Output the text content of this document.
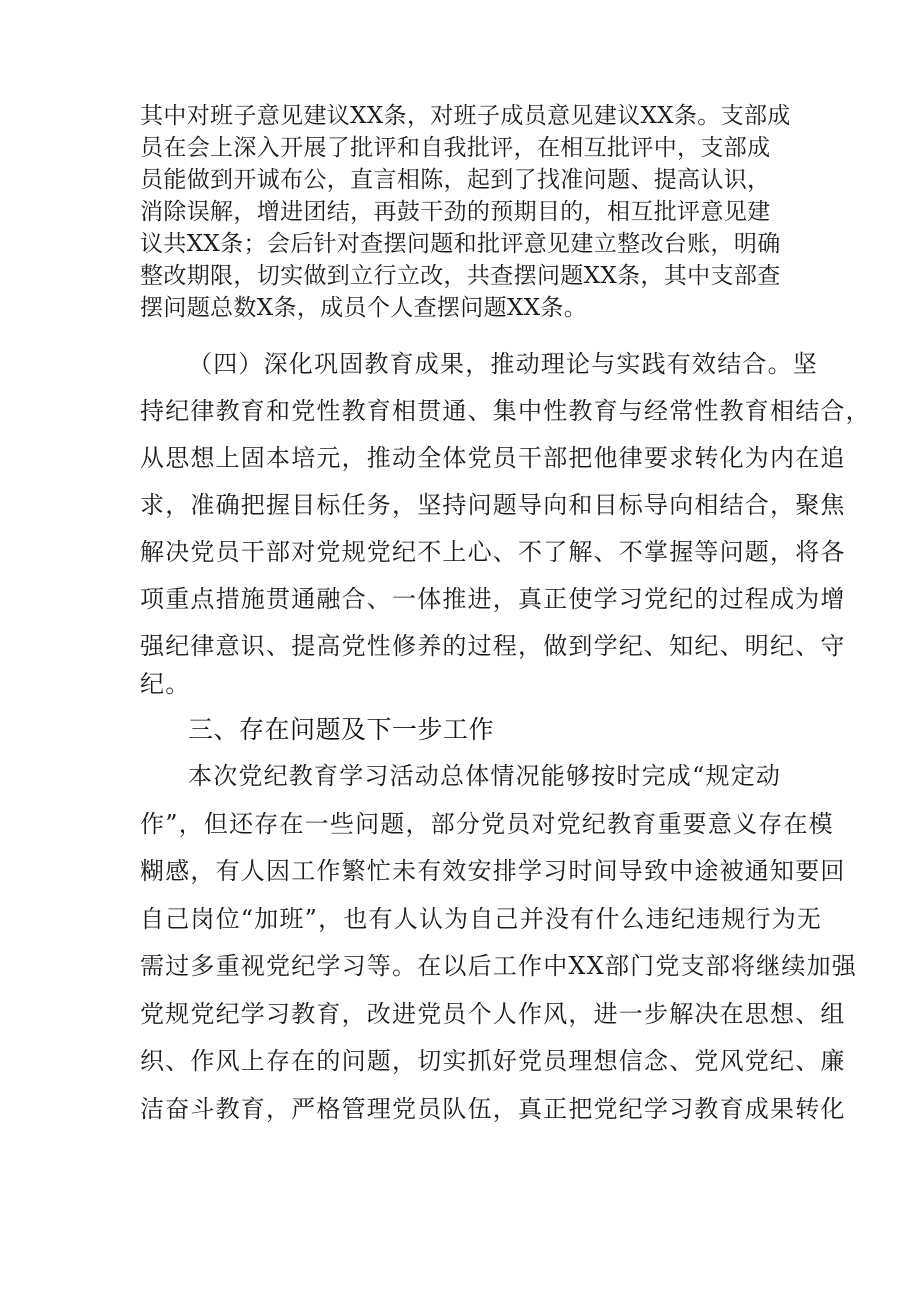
其中对班子意见建议XX条，对班子成员意见建议XX条。支部成
员在会上深入开展了批评和自我批评，在相互批评中，支部成
员能做到开诚布公，直言相陈，起到了找准问题、提高认识，
消除误解，增进团结，再鼓干劲的预期目的，相互批评意见建
议共XX条；会后针对查摆问题和批评意见建立整改台账，明确
整改期限，切实做到立行立改，共查摆问题XX条，其中支部查
摆问题总数X条，成员个人查摆问题XX条。
（四）深化巩固教育成果，推动理论与实践有效结合。坚
持纪律教育和党性教育相贯通、集中性教育与经常性教育相结合，
从思想上固本培元，推动全体党员干部把他律要求转化为内在追
求，准确把握目标任务，坚持问题导向和目标导向相结合，聚焦
解决党员干部对党规党纪不上心、不了解、不掌握等问题，将各
项重点措施贯通融合、一体推进，真正使学习党纪的过程成为增
强纪律意识、提高党性修养的过程，做到学纪、知纪、明纪、守
纪。
三、存在问题及下一步工作
本次党纪教育学习活动总体情况能够按时完成“规定动
作”，但还存在一些问题，部分党员对党纪教育重要意义存在模
糊感，有人因工作繁忙未有效安排学习时间导致中途被通知要回
自己岗位“加班”，也有人认为自己并没有什么违纪违规行为无
需过多重视党纪学习等。在以后工作中XX部门党支部将继续加强
党规党纪学习教育，改进党员个人作风，进一步解决在思想、组
织、作风上存在的问题，切实抓好党员理想信念、党风党纪、廉
洁奋斗教育，严格管理党员队伍，真正把党纪学习教育成果转化
